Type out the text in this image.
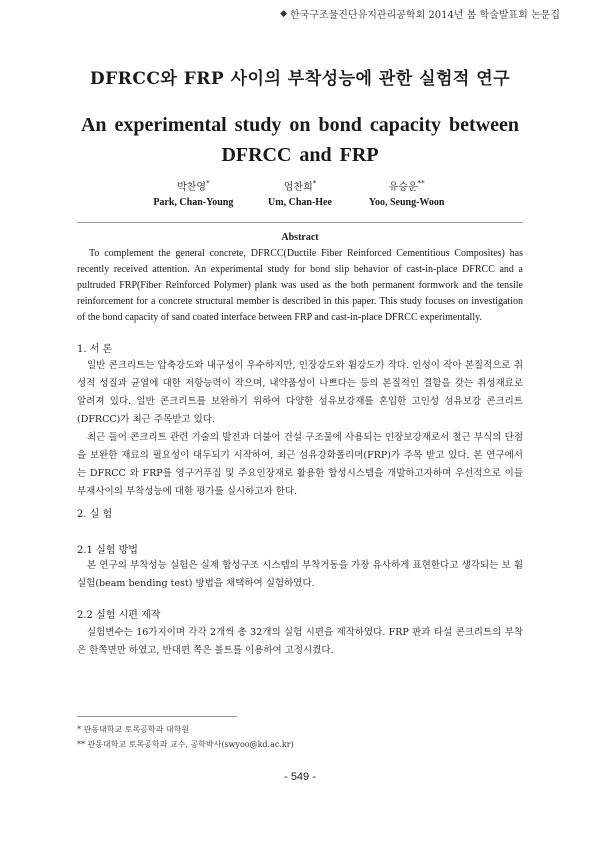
◆ 한국구조물진단유지관리공학회 2014년 봄 학술발표회 논문집
DFRCC와 FRP 사이의 부착성능에 관한 실험적 연구
An experimental study on bond capacity between
DFRCC and FRP
박찬영*	엄찬희*	유승운**
Park, Chan-Young	Um, Chan-Hee	Yoo, Seung-Woon
Abstract
To complement the general concrete, DFRCC(Ductile Fiber Reinforced Cementitious Composites) has recently received attention. An experimental study for bond slip behavior of cast-in-place DFRCC and a pultruded FRP(Fiber Reinforced Polymer) plank was used as the both permanent formwork and the tensile reinforcement for a concrete structural member is described in this paper. This study focuses on investigation of the bond capacity of sand coated interface between FRP and cast-in-place DFRCC experimentally.
1. 서 론
일반 콘크리트는 압축강도와 내구성이 우수하지만, 인장강도와 휨강도가 작다. 인성이 작아 본질적으로 취성적 성질과 균열에 대한 저항능력이 작으며, 내약품성이 나쁘다는 등의 본질적인 결함을 갖는 취성재료로 알려져 있다. 일반 콘크리트를 보완하기 위하여 다양한 섬유보강재를 혼입한 고인성 섬유보강 콘크리트(DFRCC)가 최근 주목받고 있다.
최근 들어 콘크리트 관련 기술의 발전과 더불어 건설 구조물에 사용되는 인장보강재로서 철근 부식의 단점을 보완한 재료의 필요성이 대두되기 시작하여, 최근 섬유강화폴리머(FRP)가 주목 받고 있다. 본 연구에서는 DFRCC 와 FRP를 영구거푸집 및 주요인장재로 활용한 합성시스템을 개발하고자하며 우선적으로 이들 부재사이의 부착성능에 대한 평가를 실시하고자 한다.
2. 실 험
2.1 실험 방법
본 연구의 부착성능 실험은 실제 합성구조 시스템의 부착거동을 가장 유사하게 표현한다고 생각되는 보 휨실험(beam bending test) 방법을 채택하여 실험하였다.
2.2 실험 시편 제작
실험변수는 16가지이며 각각 2개씩 총 32개의 실험 시편을 제작하였다. FRP 판과 타설 콘크리트의 부착은 한쪽면만 하였고, 반대편 쪽은 볼트를 이용하여 고정시켰다.
* 관동대학교 토목공학과 대학원
** 관동대학교 토목공학과 교수, 공학박사(swyoo@kd.ac.kr)
- 549 -
